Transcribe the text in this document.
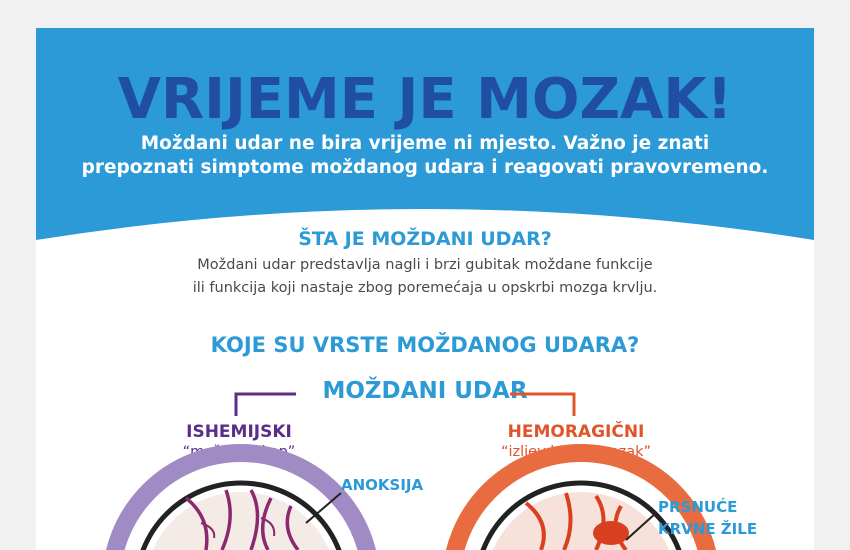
VRIJEME JE MOZAK!
Moždani udar ne bira vrijeme ni mjesto. Važno je znati
prepoznati simptome moždanog udara i reagovati pravovremeno.
ŠTA JE MOŽDANI UDAR?
Moždani udar predstavlja nagli i brzi gubitak moždane funkcije
ili funkcija koji nastaje zbog poremećaja u opskrbi mozga krvlju.
KOJE SU VRSTE MOŽDANOG UDARA?
MOŽDANI UDAR
ISHEMIJSKI
“moždana kap”
HEMORAGIČNI
“izljev krvi u mozak”
ANOKSIJA
PRSNUĆE
KRVNE ŽILE
